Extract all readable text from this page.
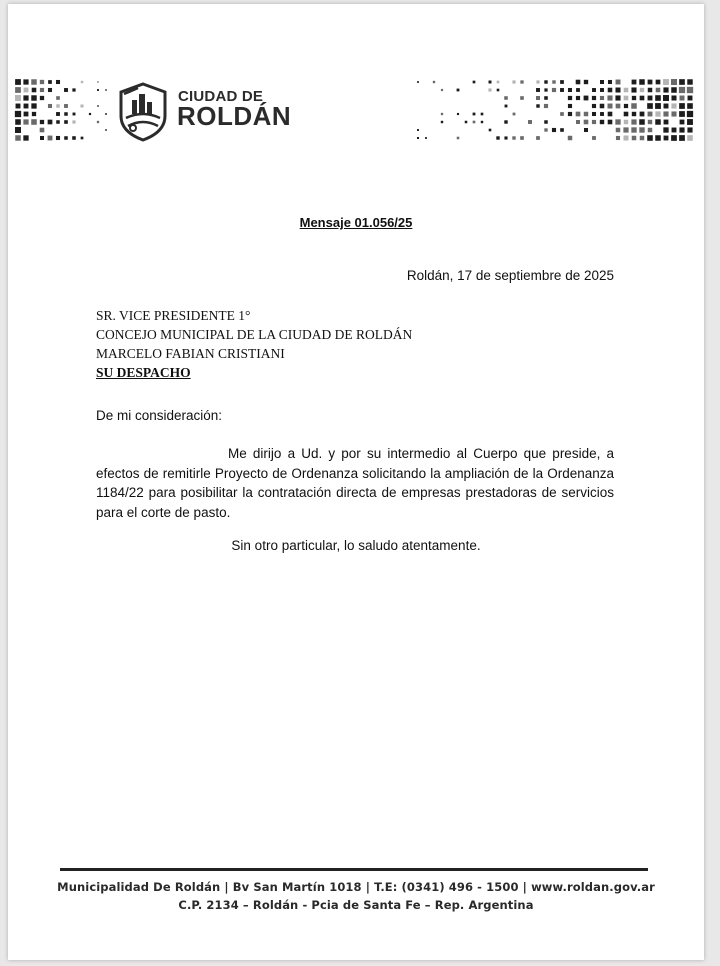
CIUDAD DE
ROLDÁN
Mensaje 01.056/25
Roldán, 17 de septiembre de 2025
SR. VICE PRESIDENTE 1°
CONCEJO MUNICIPAL DE LA CIUDAD DE ROLDÁN
MARCELO FABIAN CRISTIANI
SU DESPACHO
De mi consideración:
Me dirijo a Ud. y por su intermedio al Cuerpo que preside, a efectos de remitirle Proyecto de Ordenanza solicitando la ampliación de la Ordenanza 1184/22 para posibilitar la contratación directa de empresas prestadoras de servicios para el corte de pasto.
Sin otro particular, lo saludo atentamente.
Municipalidad De Roldán | Bv San Martín 1018 | T.E: (0341) 496 - 1500 | www.roldan.gov.ar
C.P. 2134 – Roldán - Pcia de Santa Fe – Rep. Argentina
